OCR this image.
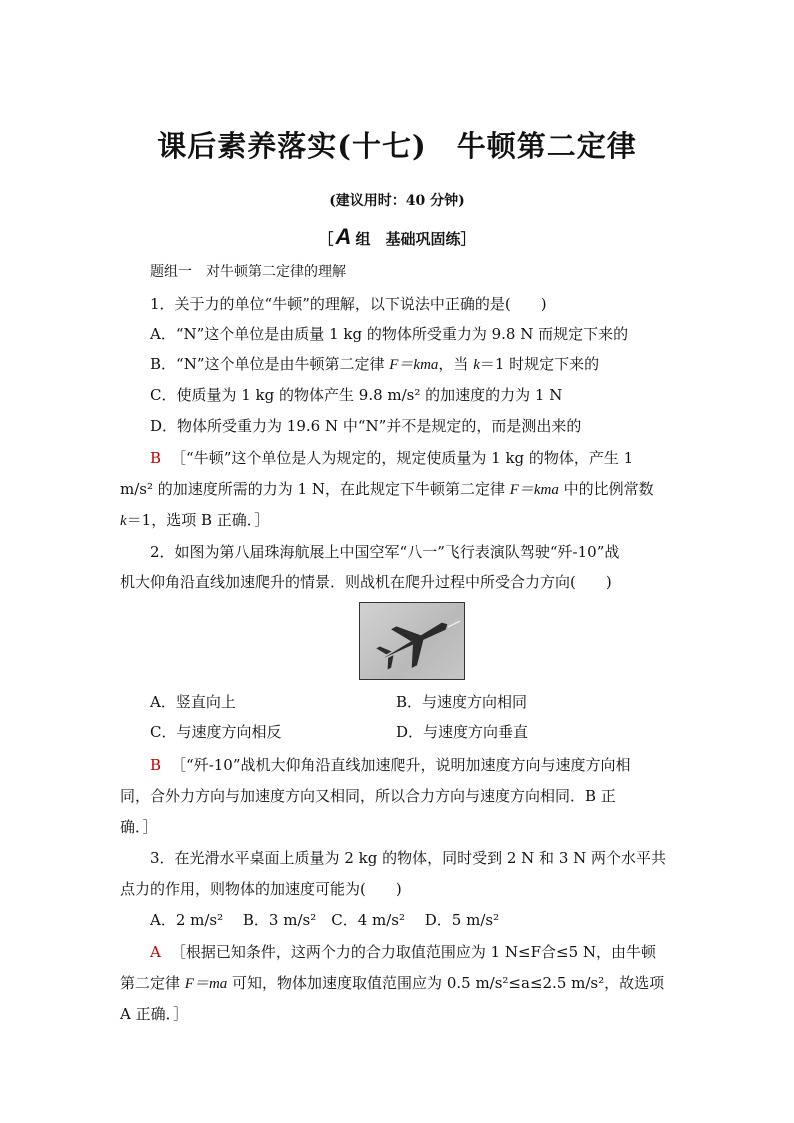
课后素养落实(十七)　牛顿第二定律
(建议用时：40 分钟)
［A 组　基础巩固练］
题组一　对牛顿第二定律的理解
1．关于力的单位“牛顿”的理解，以下说法中正确的是(　　)
A．“N”这个单位是由质量 1 kg 的物体所受重力为 9.8 N 而规定下来的
B．“N”这个单位是由牛顿第二定律 F＝kma，当 k＝1 时规定下来的
C．使质量为 1 kg 的物体产生 9.8 m/s² 的加速度的力为 1 N
D．物体所受重力为 19.6 N 中“N”并不是规定的，而是测出来的
B ［“牛顿”这个单位是人为规定的，规定使质量为 1 kg 的物体，产生 1
m/s² 的加速度所需的力为 1 N，在此规定下牛顿第二定律 F＝kma 中的比例常数
k＝1，选项 B 正确．］
2．如图为第八届珠海航展上中国空军“八一”飞行表演队驾驶“歼-10”战
机大仰角沿直线加速爬升的情景．则战机在爬升过程中所受合力方向(　　)
A．竖直向上	B．与速度方向相同
C．与速度方向相反	D．与速度方向垂直
B ［“歼-10”战机大仰角沿直线加速爬升，说明加速度方向与速度方向相
同，合外力方向与加速度方向又相同，所以合力方向与速度方向相同．B 正
确．］
3．在光滑水平桌面上质量为 2 kg 的物体，同时受到 2 N 和 3 N 两个水平共
点力的作用，则物体的加速度可能为(　　)
A．2 m/s²　 B．3 m/s²　C．4 m/s²　 D．5 m/s²
A ［根据已知条件，这两个力的合力取值范围应为 1 N≤F合≤5 N，由牛顿
第二定律 F＝ma 可知，物体加速度取值范围应为 0.5 m/s²≤a≤2.5 m/s²，故选项
A 正确．］
